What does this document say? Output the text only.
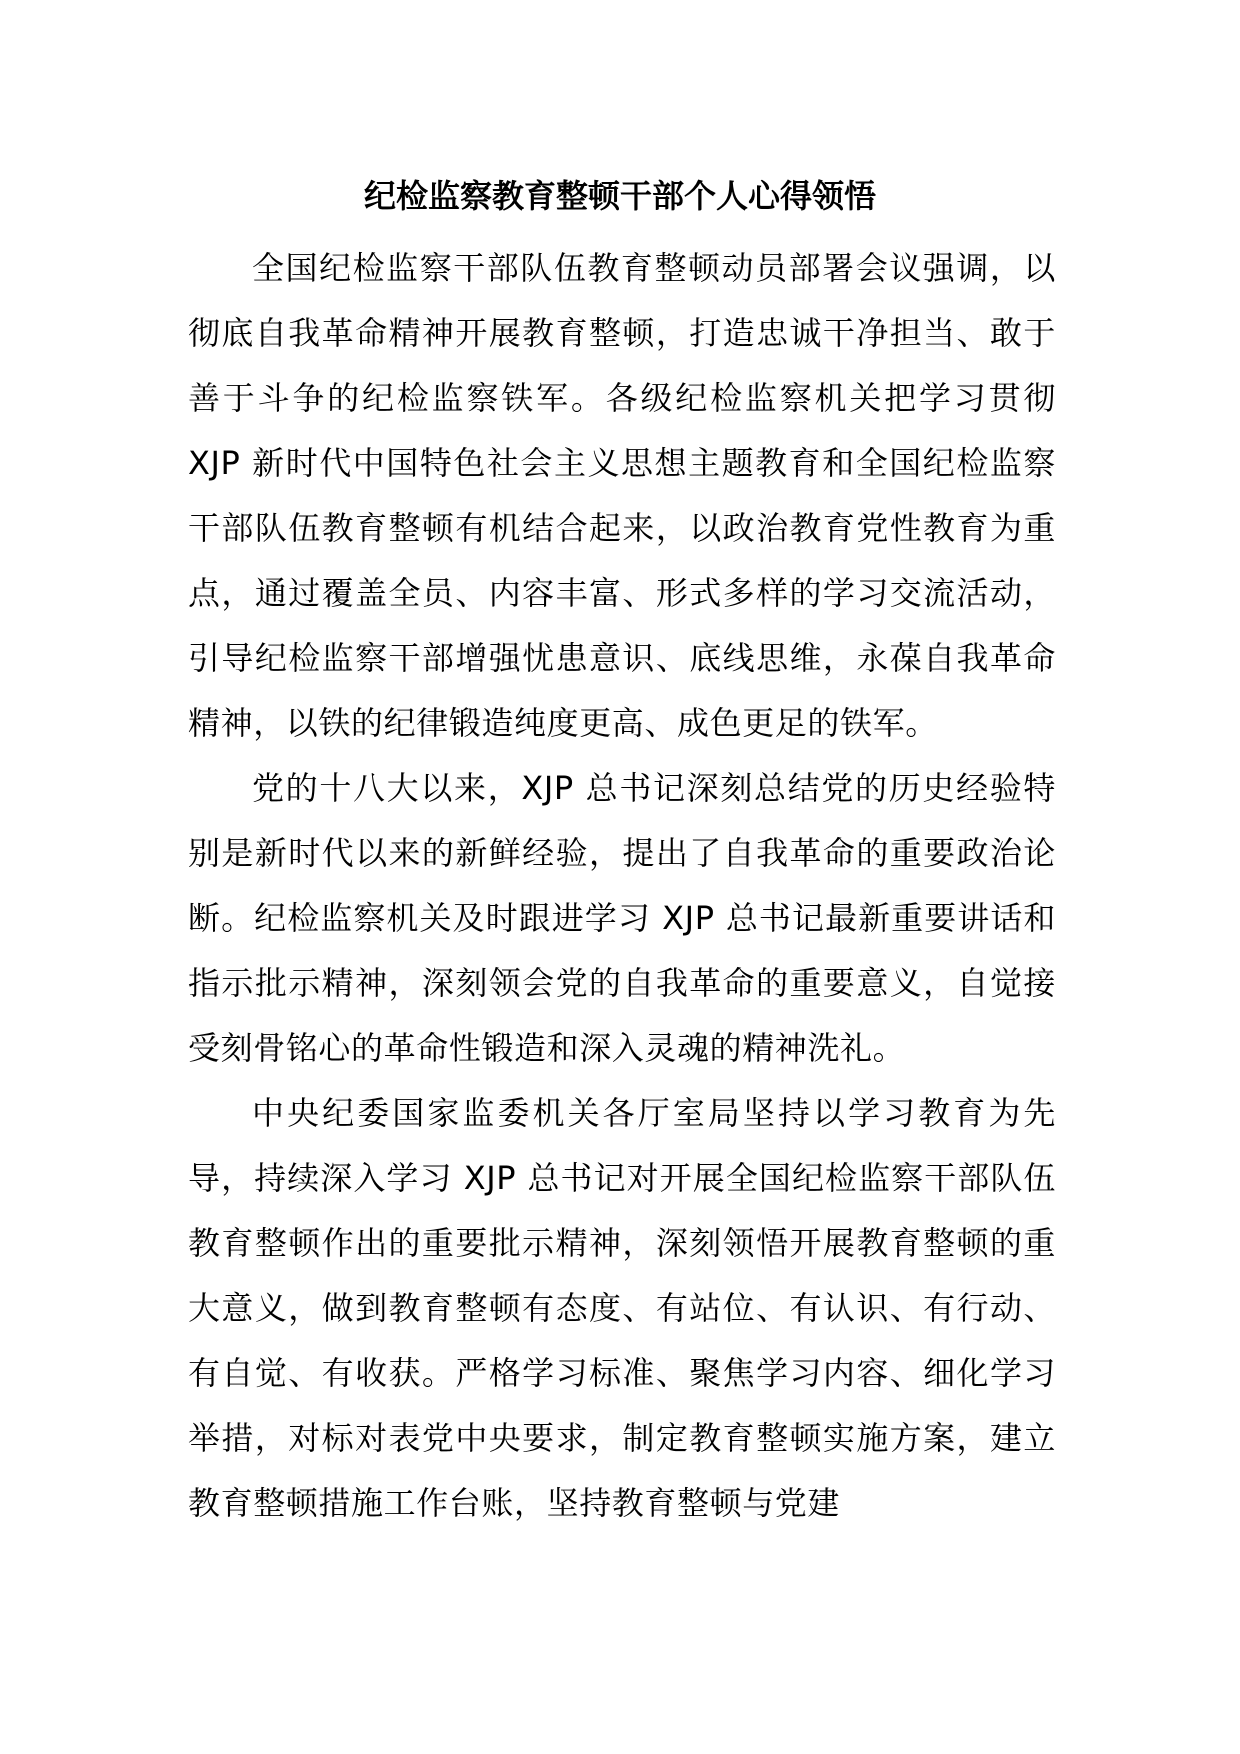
纪检监察教育整顿干部个人心得领悟

全国纪检监察干部队伍教育整顿动员部署会议强调，以彻底自我革命精神开展教育整顿，打造忠诚干净担当、敢于善于斗争的纪检监察铁军。各级纪检监察机关把学习贯彻 XJP 新时代中国特色社会主义思想主题教育和全国纪检监察干部队伍教育整顿有机结合起来，以政治教育党性教育为重点，通过覆盖全员、内容丰富、形式多样的学习交流活动，引导纪检监察干部增强忧患意识、底线思维，永葆自我革命精神，以铁的纪律锻造纯度更高、成色更足的铁军。

党的十八大以来，XJP 总书记深刻总结党的历史经验特别是新时代以来的新鲜经验，提出了自我革命的重要政治论断。纪检监察机关及时跟进学习 XJP 总书记最新重要讲话和指示批示精神，深刻领会党的自我革命的重要意义，自觉接受刻骨铭心的革命性锻造和深入灵魂的精神洗礼。

中央纪委国家监委机关各厅室局坚持以学习教育为先导，持续深入学习 XJP 总书记对开展全国纪检监察干部队伍教育整顿作出的重要批示精神，深刻领悟开展教育整顿的重大意义，做到教育整顿有态度、有站位、有认识、有行动、有自觉、有收获。严格学习标准、聚焦学习内容、细化学习举措，对标对表党中央要求，制定教育整顿实施方案，建立教育整顿措施工作台账，坚持教育整顿与党建
